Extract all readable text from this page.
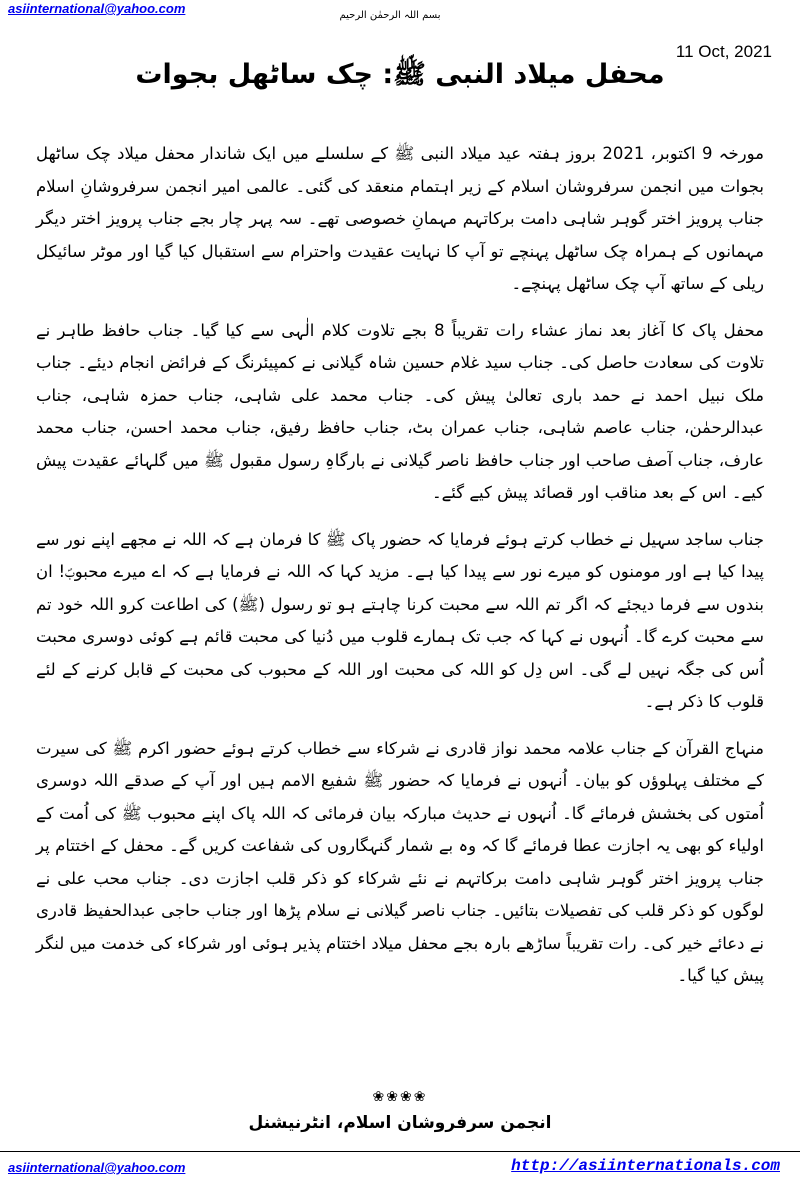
asiinternational@yahoo.com	بسم اللہ الرحمٰن الرحیم
11 Oct, 2021
محفل میلاد النبی ﷺ: چک ساٹھل بجوات

مورخہ 9 اکتوبر، 2021 بروز ہفتہ عید میلاد النبی ﷺ کے سلسلے میں ایک شاندار محفل میلاد چک ساٹھل بجوات میں انجمن سرفروشان اسلام کے زیر اہتمام منعقد کی گئی۔ عالمی امیر انجمن سرفروشانِ اسلام جناب پرویز اختر گوہر شاہی دامت برکاتہم مہمانِ خصوصی تھے۔ سہ پہر چار بجے جناب پرویز اختر دیگر مہمانوں کے ہمراہ چک ساٹھل پہنچے تو آپ کا نہایت عقیدت واحترام سے استقبال کیا گیا اور موٹر سائیکل ریلی کے ساتھ آپ چک ساٹھل پہنچے۔

محفل پاک کا آغاز بعد نماز عشاء رات تقریباً 8 بجے تلاوت کلام الٰہی سے کیا گیا۔ جناب حافظ طاہر نے تلاوت کی سعادت حاصل کی۔ جناب سید غلام حسین شاہ گیلانی نے کمپیئرنگ کے فرائض انجام دیئے۔ جناب ملک نبیل احمد نے حمد باری تعالیٰ پیش کی۔ جناب محمد علی شاہی، جناب حمزہ شاہی، جناب عبدالرحمٰن، جناب عاصم شاہی، جناب عمران بٹ، جناب حافظ رفیق، جناب محمد احسن، جناب محمد عارف، جناب آصف صاحب اور جناب حافظ ناصر گیلانی نے بارگاہِ رسول مقبول ﷺ میں گلہائے عقیدت پیش کیے۔ اس کے بعد مناقب اور قصائد پیش کیے گئے۔

جناب ساجد سہیل نے خطاب کرتے ہوئے فرمایا کہ حضور پاک ﷺ کا فرمان ہے کہ اللہ نے مجھے اپنے نور سے پیدا کیا ہے اور مومنوں کو میرے نور سے پیدا کیا ہے۔ مزید کہا کہ اللہ نے فرمایا ہے کہ اے میرے محبوبؐ! ان بندوں سے فرما دیجئے کہ اگر تم اللہ سے محبت کرنا چاہتے ہو تو رسول (ﷺ) کی اطاعت کرو اللہ خود تم سے محبت کرے گا۔ اُنہوں نے کہا کہ جب تک ہمارے قلوب میں دُنیا کی محبت قائم ہے کوئی دوسری محبت اُس کی جگہ نہیں لے گی۔ اس دِل کو اللہ کی محبت اور اللہ کے محبوب کی محبت کے قابل کرنے کے لئے قلوب کا ذکر ہے۔

منہاج القرآن کے جناب علامہ محمد نواز قادری نے شرکاء سے خطاب کرتے ہوئے حضور اکرم ﷺ کی سیرت کے مختلف پہلوؤں کو بیان۔ اُنہوں نے فرمایا کہ حضور ﷺ شفیع الامم ہیں اور آپ کے صدقے اللہ دوسری اُمتوں کی بخشش فرمائے گا۔ اُنہوں نے حدیث مبارکہ بیان فرمائی کہ اللہ پاک اپنے محبوب ﷺ کی اُمت کے اولیاء کو بھی یہ اجازت عطا فرمائے گا کہ وہ بے شمار گنہگاروں کی شفاعت کریں گے۔ محفل کے اختتام پر جناب پرویز اختر گوہر شاہی دامت برکاتہم نے نئے شرکاء کو ذکر قلب اجازت دی۔ جناب محب علی نے لوگوں کو ذکر قلب کی تفصیلات بتائیں۔ جناب ناصر گیلانی نے سلام پڑھا اور جناب حاجی عبدالحفیظ قادری نے دعائے خیر کی۔ رات تقریباً ساڑھے بارہ بجے محفل میلاد اختتام پذیر ہوئی اور شرکاء کی خدمت میں لنگر پیش کیا گیا۔

❀❀❀❀
انجمن سرفروشان اسلام، انٹرنیشنل
asiinternational@yahoo.com	http://asiinternationals.com
